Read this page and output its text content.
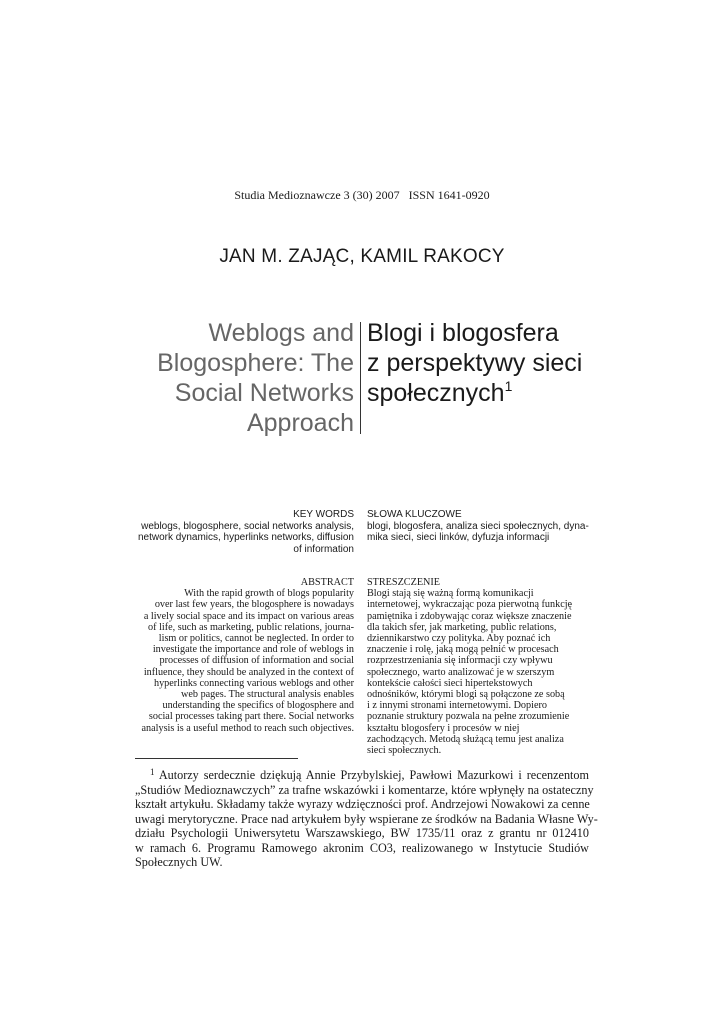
Studia Medioznawcze 3 (30) 2007   ISSN 1641-0920
JAN M. ZAJĄC, KAMIL RAKOCY
Weblogs and
Blogosphere: The
Social Networks
Approach
Blogi i blogosfera
z perspektywy sieci
społecznych$^1$
KEY WORDS
weblogs, blogosphere, social networks analysis,
network dynamics, hyperlinks networks, diffusion
of information
SŁOWA KLUCZOWE
blogi, blogosfera, analiza sieci społecznych, dyna-
mika sieci, sieci linków, dyfuzja informacji
ABSTRACT
With the rapid growth of blogs popularity
over last few years, the blogosphere is nowadays
a lively social space and its impact on various areas
of life, such as marketing, public relations, journa-
lism or politics, cannot be neglected. In order to
investigate the importance and role of weblogs in
processes of diffusion of information and social
influence, they should be analyzed in the context of
hyperlinks connecting various weblogs and other
web pages. The structural analysis enables
understanding the specifics of blogosphere and
social processes taking part there. Social networks
analysis is a useful method to reach such objectives.
STRESZCZENIE
Blogi stają się ważną formą komunikacji
internetowej, wykraczając poza pierwotną funkcję
pamiętnika i zdobywając coraz większe znaczenie
dla takich sfer, jak marketing, public relations,
dziennikarstwo czy polityka. Aby poznać ich
znaczenie i rolę, jaką mogą pełnić w procesach
rozprzestrzeniania się informacji czy wpływu
społecznego, warto analizować je w szerszym
kontekście całości sieci hipertekstowych
odnośników, którymi blogi są połączone ze sobą
i z innymi stronami internetowymi. Dopiero
poznanie struktury pozwala na pełne zrozumienie
kształtu blogosfery i procesów w niej
zachodzących. Metodą służącą temu jest analiza
sieci społecznych.
$^1$ Autorzy serdecznie dziękują Annie Przybylskiej, Pawłowi Mazurkowi i recenzentom
„Studiów Medioznawczych” za trafne wskazówki i komentarze, które wpłynęły na ostateczny
kształt artykułu. Składamy także wyrazy wdzięczności prof. Andrzejowi Nowakowi za cenne
uwagi merytoryczne. Prace nad artykułem były wspierane ze środków na Badania Własne Wy-
działu Psychologii Uniwersytetu Warszawskiego, BW 1735/11 oraz z grantu nr 012410
w ramach 6. Programu Ramowego akronim CO3, realizowanego w Instytucie Studiów
Społecznych UW.
